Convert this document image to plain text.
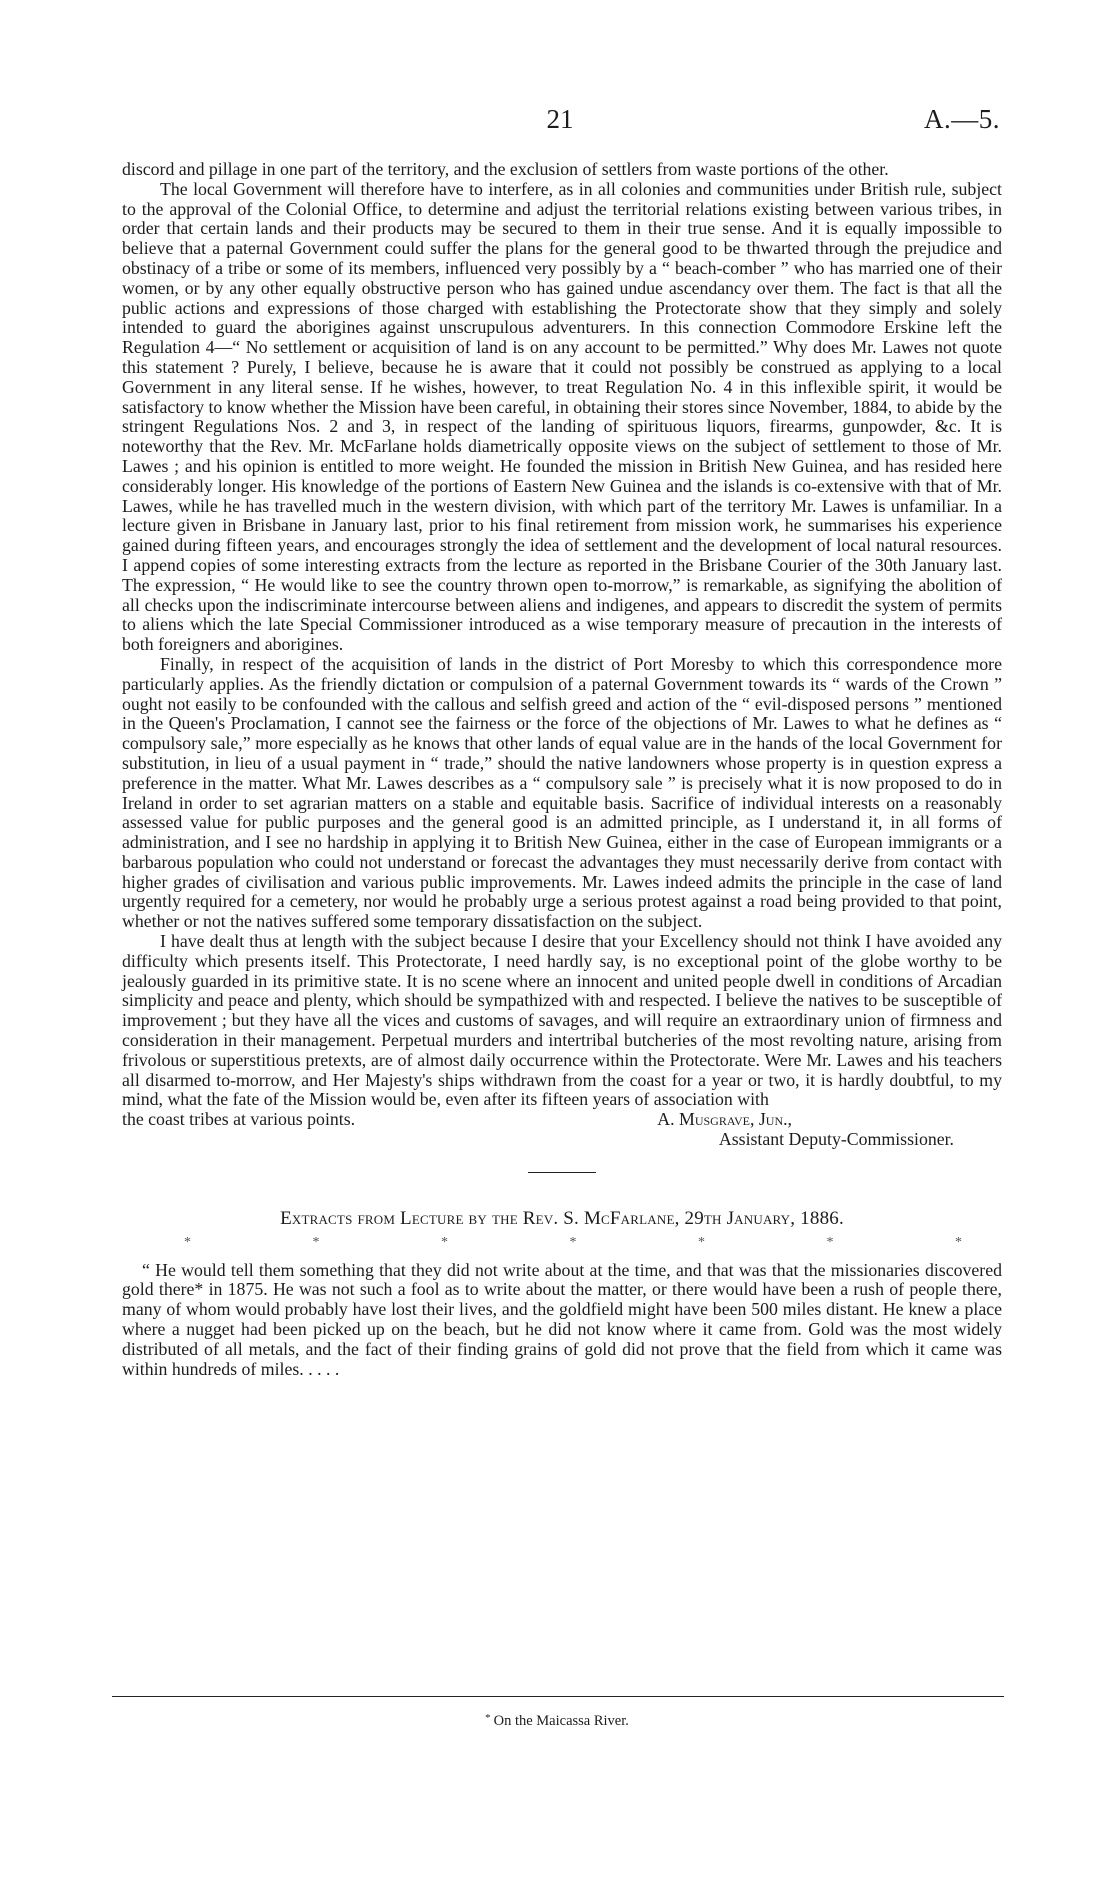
21	A.—5.

discord and pillage in one part of the territory, and the exclusion of settlers from waste portions of the other.

The local Government will therefore have to interfere, as in all colonies and communities under British rule, subject to the approval of the Colonial Office, to determine and adjust the territorial relations existing between various tribes, in order that certain lands and their products may be secured to them in their true sense. And it is equally impossible to believe that a paternal Government could suffer the plans for the general good to be thwarted through the prejudice and obstinacy of a tribe or some of its members, influenced very possibly by a “ beach-comber ” who has married one of their women, or by any other equally obstructive person who has gained undue ascendancy over them. The fact is that all the public actions and expressions of those charged with establishing the Protectorate show that they simply and solely intended to guard the aborigines against unscrupulous adventurers. In this connection Commodore Erskine left the Regulation 4—“ No settlement or acquisition of land is on any account to be permitted.” Why does Mr. Lawes not quote this statement ? Purely, I believe, because he is aware that it could not possibly be construed as applying to a local Government in any literal sense. If he wishes, however, to treat Regulation No. 4 in this inflexible spirit, it would be satisfactory to know whether the Mission have been careful, in obtaining their stores since November, 1884, to abide by the stringent Regulations Nos. 2 and 3, in respect of the landing of spirituous liquors, firearms, gunpowder, &c. It is noteworthy that the Rev. Mr. McFarlane holds diametrically opposite views on the subject of settlement to those of Mr. Lawes ; and his opinion is entitled to more weight. He founded the mission in British New Guinea, and has resided here considerably longer. His knowledge of the portions of Eastern New Guinea and the islands is co-extensive with that of Mr. Lawes, while he has travelled much in the western division, with which part of the territory Mr. Lawes is unfamiliar. In a lecture given in Brisbane in January last, prior to his final retirement from mission work, he summarises his experience gained during fifteen years, and encourages strongly the idea of settlement and the development of local natural resources. I append copies of some interesting extracts from the lecture as reported in the Brisbane Courier of the 30th January last. The expression, “ He would like to see the country thrown open to-morrow,” is remarkable, as signifying the abolition of all checks upon the indiscriminate intercourse between aliens and indigenes, and appears to discredit the system of permits to aliens which the late Special Commissioner introduced as a wise temporary measure of precaution in the interests of both foreigners and aborigines.

Finally, in respect of the acquisition of lands in the district of Port Moresby to which this correspondence more particularly applies. As the friendly dictation or compulsion of a paternal Government towards its “ wards of the Crown ” ought not easily to be confounded with the callous and selfish greed and action of the “ evil-disposed persons ” mentioned in the Queen's Proclamation, I cannot see the fairness or the force of the objections of Mr. Lawes to what he defines as “ compulsory sale,” more especially as he knows that other lands of equal value are in the hands of the local Government for substitution, in lieu of a usual payment in “ trade,” should the native landowners whose property is in question express a preference in the matter. What Mr. Lawes describes as a “ compulsory sale ” is precisely what it is now proposed to do in Ireland in order to set agrarian matters on a stable and equitable basis. Sacrifice of individual interests on a reasonably assessed value for public purposes and the general good is an admitted principle, as I understand it, in all forms of administration, and I see no hardship in applying it to British New Guinea, either in the case of European immigrants or a barbarous population who could not understand or forecast the advantages they must necessarily derive from contact with higher grades of civilisation and various public improvements. Mr. Lawes indeed admits the principle in the case of land urgently required for a cemetery, nor would he probably urge a serious protest against a road being provided to that point, whether or not the natives suffered some temporary dissatisfaction on the subject.

I have dealt thus at length with the subject because I desire that your Excellency should not think I have avoided any difficulty which presents itself. This Protectorate, I need hardly say, is no exceptional point of the globe worthy to be jealously guarded in its primitive state. It is no scene where an innocent and united people dwell in conditions of Arcadian simplicity and peace and plenty, which should be sympathized with and respected. I believe the natives to be susceptible of improvement ; but they have all the vices and customs of savages, and will require an extraordinary union of firmness and consideration in their management. Perpetual murders and intertribal butcheries of the most revolting nature, arising from frivolous or superstitious pretexts, are of almost daily occurrence within the Protectorate. Were Mr. Lawes and his teachers all disarmed to-morrow, and Her Majesty's ships withdrawn from the coast for a year or two, it is hardly doubtful, to my mind, what the fate of the Mission would be, even after its fifteen years of association with

the coast tribes at various points.	A. Musgrave, Jun.,
Assistant Deputy-Commissioner.
Extracts from Lecture by the Rev. S. McFarlane, 29th January, 1886.
*	*	*	*	*	*	*

“ He would tell them something that they did not write about at the time, and that was that the missionaries discovered gold there* in 1875. He was not such a fool as to write about the matter, or there would have been a rush of people there, many of whom would probably have lost their lives, and the goldfield might have been 500 miles distant. He knew a place where a nugget had been picked up on the beach, but he did not know where it came from. Gold was the most widely distributed of all metals, and the fact of their finding grains of gold did not prove that the field from which it came was within hundreds of miles. . . . .

* On the Maicassa River.
